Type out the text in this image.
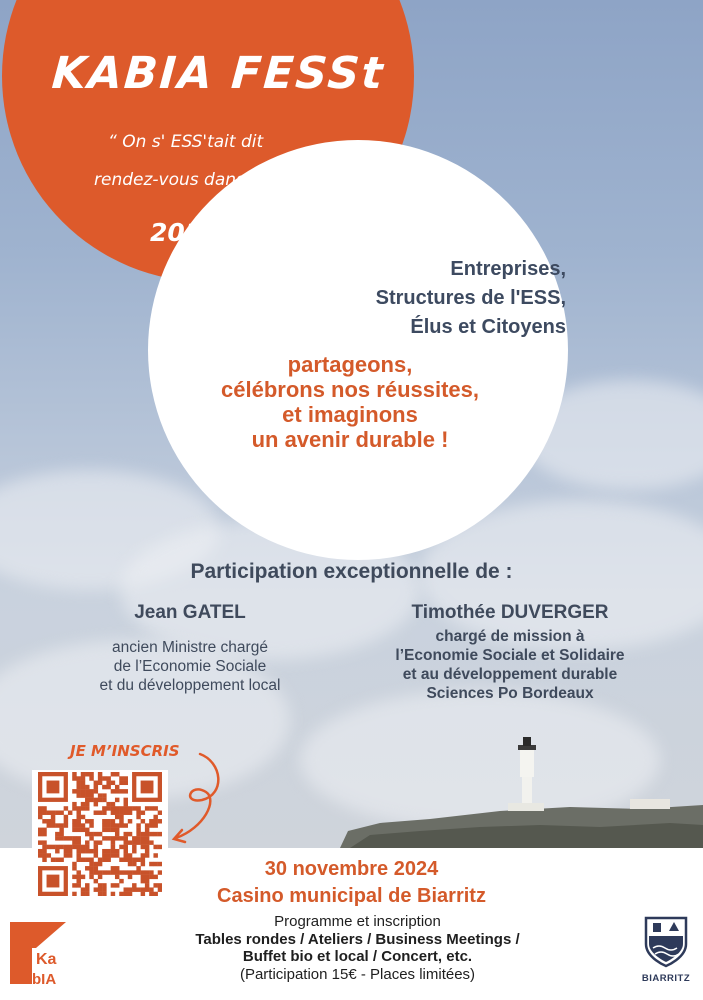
KABIA FESSt
“ On s' ESS'tait dit
rendez-vous dans 10 ans… ”
2014-2024
Entreprises,
Structures de l'ESS,
Élus et Citoyens
partageons,
célébrons nos réussites,
et imaginons
un avenir durable !
Participation exceptionnelle de :
Jean GATEL
ancien Ministre chargé
de l’Economie Sociale
et du développement local
Timothée DUVERGER
chargé de mission à
l’Economie Sociale et Solidaire
et au développement durable
Sciences Po Bordeaux
JE M’INSCRIS
30 novembre 2024
Casino municipal de Biarritz
Programme et inscription
Tables rondes / Ateliers / Business Meetings /
Buffet bio et local / Concert, etc.
(Participation 15€ - Places limitées)
Ka
bIA	BIARRITZ
